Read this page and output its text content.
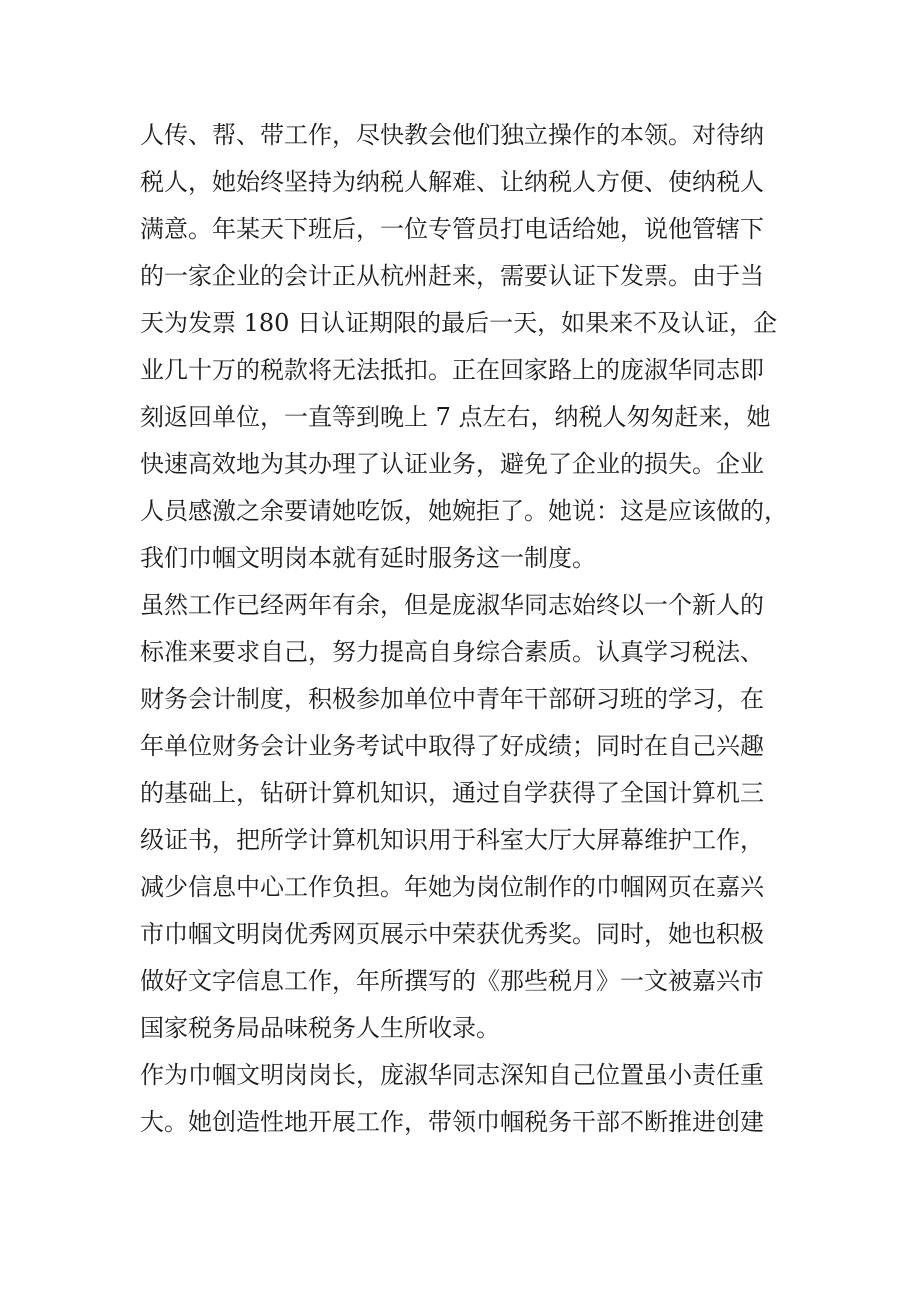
人传、帮、带工作，尽快教会他们独立操作的本领。对待纳
税人，她始终坚持为纳税人解难、让纳税人方便、使纳税人
满意。年某天下班后，一位专管员打电话给她，说他管辖下
的一家企业的会计正从杭州赶来，需要认证下发票。由于当
天为发票 180 日认证期限的最后一天，如果来不及认证，企
业几十万的税款将无法抵扣。正在回家路上的庞淑华同志即
刻返回单位，一直等到晚上 7 点左右，纳税人匆匆赶来，她
快速高效地为其办理了认证业务，避免了企业的损失。企业
人员感激之余要请她吃饭，她婉拒了。她说：这是应该做的，
我们巾帼文明岗本就有延时服务这一制度。
虽然工作已经两年有余，但是庞淑华同志始终以一个新人的
标准来要求自己，努力提高自身综合素质。认真学习税法、
财务会计制度，积极参加单位中青年干部研习班的学习，在
年单位财务会计业务考试中取得了好成绩；同时在自己兴趣
的基础上，钻研计算机知识，通过自学获得了全国计算机三
级证书，把所学计算机知识用于科室大厅大屏幕维护工作，
减少信息中心工作负担。年她为岗位制作的巾帼网页在嘉兴
市巾帼文明岗优秀网页展示中荣获优秀奖。同时，她也积极
做好文字信息工作，年所撰写的《那些税月》一文被嘉兴市
国家税务局品味税务人生所收录。
作为巾帼文明岗岗长，庞淑华同志深知自己位置虽小责任重
大。她创造性地开展工作，带领巾帼税务干部不断推进创建
